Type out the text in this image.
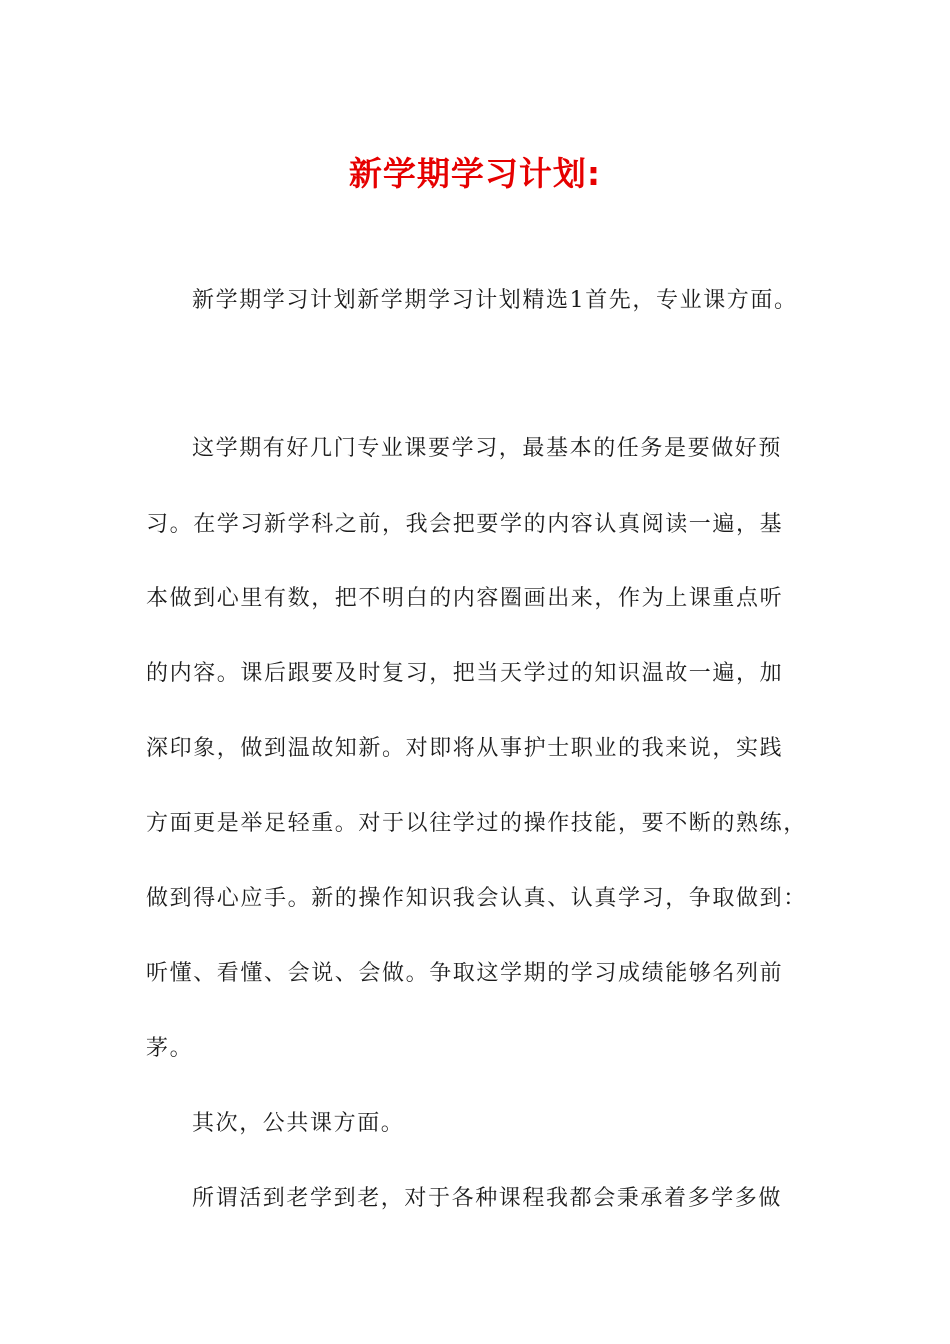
新学期学习计划:
新学期学习计划新学期学习计划精选1首先，专业课方面。
这学期有好几门专业课要学习，最基本的任务是要做好预
习。在学习新学科之前，我会把要学的内容认真阅读一遍，基
本做到心里有数，把不明白的内容圈画出来，作为上课重点听
的内容。课后跟要及时复习，把当天学过的知识温故一遍，加
深印象，做到温故知新。对即将从事护士职业的我来说，实践
方面更是举足轻重。对于以往学过的操作技能，要不断的熟练，
做到得心应手。新的操作知识我会认真、认真学习，争取做到：
听懂、看懂、会说、会做。争取这学期的学习成绩能够名列前
茅。
其次，公共课方面。
所谓活到老学到老，对于各种课程我都会秉承着多学多做
